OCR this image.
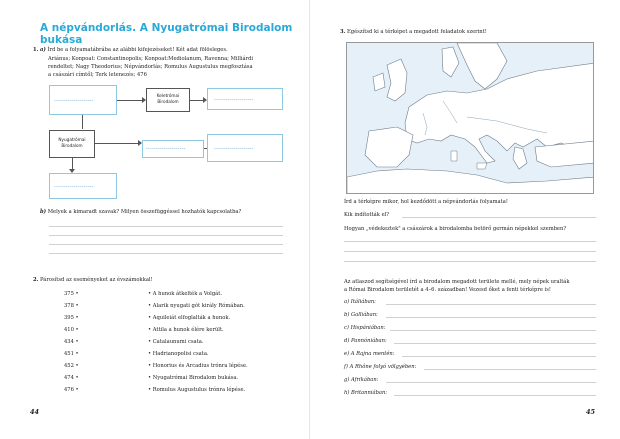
A népvándorlás. A Nyugatrómai Birodalom bukása
1. a) Írd be a folyamatábrába az alábbi kifejezéseket! Két adat fölösleges.
Ariánus; Konpoat: Constantinopolis; Konpoat:Mediolanum, Ravenna; Milliárdi
rendeltet; Nagy Theodorius; Népvándorlás; Romulus Augustulus megfosztása
a császári címtől; Terk letenezés; 476
--------------------
Keletrómai Birodalom	--------------------
Nyugatrómai Birodalom
--------------------	--------------------
--------------------
b) Melyek a kimaradt szavak? Milyen összefüggéssel hozhatók kapcsolatba?
2. Párosítsd az eseményeket az évszámokkal!
375 •
378 •
395 •
410 •
434 •
451 •
452 •
474 •
476 •
• A hunok átkelték a Volgát.
• Alarik nyugati gót király Rómában.
• Aquileiát elfoglalták a hunok.
• Attila a hunok élére került.
• Catalaunumi csata.
• Hadrianopolisi csata.
• Honorius és Arcadius trónra lépése.
• Nyugatrómai Birodalom bukása.
• Romulus Augustulus trónra lépése.
44
3. Egészítsd ki a térképet a megadott feladatok szerint!
Írd a térképre mikor, hol kezdődött a népvándorlás folyamata!
Kik indították el?
Hogyan „védekeztek" a császárok a birodalomba betörő germán népekkel szemben?
Az atlaszod segítségével írd a birodalom megadott területe mellé, mely népek uralták
a Római Birodalom területét a 4–6. században! Vezesd őket a fenti térképre is!
a) Itáliában:
b) Galliában:
c) Hispániában:
d) Pannóniában:
e) A Rajna mentén:
f) A Rhône folyó völgyében:
g) Afrikában:
h) Britanniában:
45
